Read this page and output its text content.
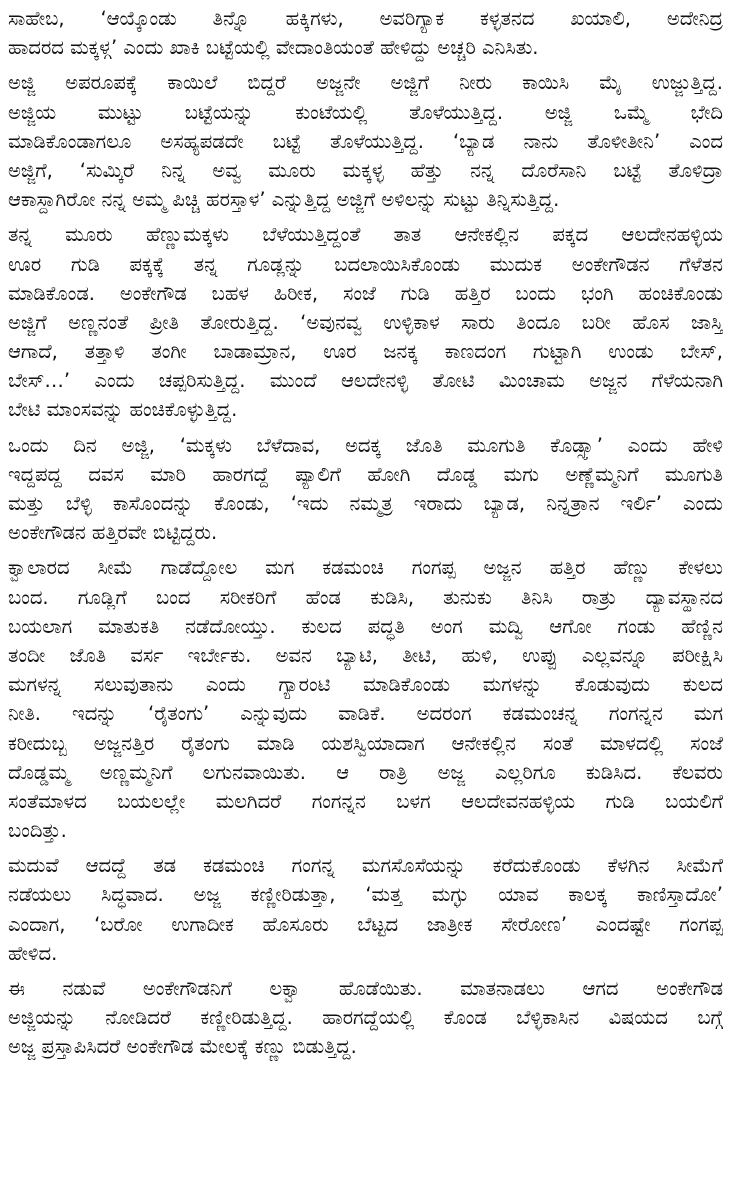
ಸಾಹೇಬ, ‘ಆಯ್ಕೊಂಡು ತಿನ್ನೊ ಹಕ್ಕಿಗಳು, ಅವರಿಗ್ಯಾಕ ಕಳ್ಳತನದ ಖಯಾಲಿ, ಅದೇನಿದ್ರ
ಹಾದರದ ಮಕ್ಕಳ್ಗ’ ಎಂದು ಖಾಕಿ ಬಟ್ಟೆಯಲ್ಲಿ ವೇದಾಂತಿಯಂತೆ ಹೇಳಿದ್ದು ಅಚ್ಚರಿ ಎನಿಸಿತು.
ಅಜ್ಜಿ ಅಪರೂಪಕ್ಕೆ ಕಾಯಿಲೆ ಬಿದ್ದರೆ ಅಜ್ಜನೇ ಅಜ್ಜಿಗೆ ನೀರು ಕಾಯಿಸಿ ಮೈ ಉಜ್ಜುತ್ತಿದ್ದ.
ಅಜ್ಜಿಯ ಮುಟ್ಟು ಬಟ್ಟೆಯನ್ನು ಕುಂಟೆಯಲ್ಲಿ ತೊಳೆಯುತ್ತಿದ್ದ. ಅಜ್ಜಿ ಒಮ್ಮೆ ಭೇದಿ
ಮಾಡಿಕೊಂಡಾಗಲೂ ಅಸಹ್ಯಪಡದೇ ಬಟ್ಟೆ ತೊಳೆಯುತ್ತಿದ್ದ. ‘ಬ್ಯಾಡ ನಾನು ತೊಳೀತೀನಿ’ ಎಂದ
ಅಜ್ಜಿಗೆ, ‘ಸುಮ್ಕಿರೆ ನಿನ್ನ ಅವ್ವ ಮೂರು ಮಕ್ಕಳ್ಳ ಹೆತ್ತು ನನ್ನ ದೊರೆಸಾನಿ ಬಟ್ಟೆ ತೊಳಿದ್ರಾ
ಆಕಾಸ್ದಾಗಿರೋ ನನ್ನ ಅಮ್ಮ ಪಿಚ್ಚಿ ಹರಸ್ತಾಳ’ ಎನ್ನುತ್ತಿದ್ದ ಅಜ್ಜಿಗೆ ಅಳಿಲನ್ನು ಸುಟ್ಟು ತಿನ್ನಿಸುತ್ತಿದ್ದ.
ತನ್ನ ಮೂರು ಹೆಣ್ಣುಮಕ್ಕಳು ಬೆಳೆಯುತ್ತಿದ್ದಂತೆ ತಾತ ಆನೇಕಲ್ಲಿನ ಪಕ್ಕದ ಆಲದೇನಹಳ್ಳಿಯ
ಊರ ಗುಡಿ ಪಕ್ಕಕ್ಕೆ ತನ್ನ ಗೂಡ್ಲನ್ನು ಬದಲಾಯಿಸಿಕೊಂಡು ಮುದುಕ ಅಂಕೇಗೌಡನ ಗೆಳೆತನ
ಮಾಡಿಕೊಂಡ. ಅಂಕೇಗೌಡ ಬಹಳ ಹಿರೀಕ, ಸಂಜೆ ಗುಡಿ ಹತ್ತಿರ ಬಂದು ಭಂಗಿ ಹಂಚಿಕೊಂಡು
ಅಜ್ಜಿಗೆ ಅಣ್ಣನಂತೆ ಪ್ರೀತಿ ತೋರುತ್ತಿದ್ದ. ‘ಅವುನವ್ವ ಉಳ್ಳಿಕಾಳ ಸಾರು ತಿಂದೂ ಬರೀ ಹೊಸ ಜಾಸ್ತಿ
ಆಗಾದೆ, ತತ್ತಾಳಿ ತಂಗೀ ಬಾಡಾಮ್ರಾನ, ಊರ ಜನಕ್ಕ ಕಾಣದಂಗ ಗುಟ್ಟಾಗಿ ಉಂಡು ಬೇಸ್,
ಬೇಸ್…’ ಎಂದು ಚಪ್ಪರಿಸುತ್ತಿದ್ದ. ಮುಂದೆ ಆಲದೇನಳ್ಳಿ ತೋಟಿ ಮಿಂಚಾಮ ಅಜ್ಜನ ಗೆಳೆಯನಾಗಿ
ಬೇಟಿ ಮಾಂಸವನ್ನು ಹಂಚಿಕೊಳ್ಳುತ್ತಿದ್ದ.
ಒಂದು ದಿನ ಅಜ್ಜಿ, ‘ಮಕ್ಕಳು ಬೆಳೆದಾವ, ಅದಕ್ಕ ಜೊತಿ ಮೂಗುತಿ ಕೊಡ್ಸ್ಯಾ’ ಎಂದು ಹೇಳಿ
ಇದ್ದಪದ್ದ ದವಸ ಮಾರಿ ಹಾರಗದ್ದೆ ಪ್ಯಾಲಿಗೆ ಹೋಗಿ ದೊಡ್ಡ ಮಗು ಅಣ್ಣೆಮ್ಮನಿಗೆ ಮೂಗುತಿ
ಮತ್ತು ಬೆಳ್ಳಿ ಕಾಸೊಂದನ್ನು ಕೊಂಡು, ‘ಇದು ನಮ್ಮತ್ರ ಇರಾದು ಬ್ಯಾಡ, ನಿನ್ನತ್ರಾನ ಇರ್ಲಿ’ ಎಂದು
ಅಂಕೇಗೌಡನ ಹತ್ತಿರವೇ ಬಿಟ್ಟಿದ್ದರು.
ಕ್ವಾಲಾರದ ಸೀಮೆ ಗಾಡೆದ್ದೋಲ ಮಗ ಕಡಮಂಚಿ ಗಂಗಪ್ಪ ಅಜ್ಜನ ಹತ್ತಿರ ಹೆಣ್ಣು ಕೇಳಲು
ಬಂದ. ಗೂಡ್ಲಿಗೆ ಬಂದ ಸರೀಕರಿಗೆ ಹೆಂಡ ಕುಡಿಸಿ, ತುನುಕು ತಿನಿಸಿ ರಾತ್ರು ದ್ಯಾವಸ್ಥಾನದ
ಬಯಲಾಗ ಮಾತುಕತಿ ನಡೆದೋಯ್ತು. ಕುಲದ ಪದ್ಧತಿ ಅಂಗ ಮದ್ವಿ ಆಗೋ ಗಂಡು ಹೆಣ್ಣಿನ
ತಂದೀ ಜೊತಿ ವರ್ಸ ಇರ್ಬೇಕು. ಅವನ ಬ್ಯಾಟಿ, ತೀಟಿ, ಹುಳಿ, ಉಪ್ಪು ಎಲ್ಲವನ್ನೂ ಪರೀಕ್ಷಿಸಿ
ಮಗಳನ್ನ ಸಲುವುತಾನು ಎಂದು ಗ್ಯಾರಂಟಿ ಮಾಡಿಕೊಂಡು ಮಗಳನ್ನು ಕೊಡುವುದು ಕುಲದ
ನೀತಿ. ಇದನ್ನು ‘ರೈತಂಗು’ ಎನ್ನುವುದು ವಾಡಿಕೆ. ಅದರಂಗ ಕಡಮಂಚನ್ನ ಗಂಗನ್ನನ ಮಗ
ಕರೀದುಬ್ಬ ಅಜ್ಜನತ್ತಿರ ರೈತಂಗು ಮಾಡಿ ಯಶಸ್ವಿಯಾದಾಗ ಆನೇಕಲ್ಲಿನ ಸಂತೆ ಮಾಳದಲ್ಲಿ ಸಂಜೆ
ದೊಡ್ಡಮ್ಮ ಅಣ್ಣಮ್ಮನಿಗೆ ಲಗುನವಾಯಿತು. ಆ ರಾತ್ರಿ ಅಜ್ಜ ಎಲ್ಲರಿಗೂ ಕುಡಿಸಿದ. ಕೆಲವರು
ಸಂತೆಮಾಳದ ಬಯಲಲ್ಲೇ ಮಲಗಿದರೆ ಗಂಗನ್ನನ ಬಳಗ ಆಲದೇವನಹಳ್ಳಿಯ ಗುಡಿ ಬಯಲಿಗೆ
ಬಂದಿತ್ತು.
ಮದುವೆ ಆದದ್ದೆ ತಡ ಕಡಮಂಚಿ ಗಂಗನ್ನ ಮಗಸೊಸೆಯನ್ನು ಕರೆದುಕೊಂಡು ಕೆಳಗಿನ ಸೀಮೆಗೆ
ನಡೆಯಲು ಸಿದ್ಧವಾದ. ಅಜ್ಜ ಕಣ್ಣೀರಿಡುತ್ತಾ, ‘ಮತ್ತ ಮಗ್ಳು ಯಾವ ಕಾಲಕ್ಕ ಕಾಣಿಸ್ತಾದೋ’
ಎಂದಾಗ, ‘ಬರೋ ಉಗಾದೀಕ ಹೊಸೂರು ಬೆಟ್ಟದ ಜಾತ್ರೀಕ ಸೇರೋಣ’ ಎಂದಷ್ಟೇ ಗಂಗಪ್ಪ
ಹೇಳಿದ.
ಈ ನಡುವೆ ಅಂಕೇಗೌಡನಿಗೆ ಲಕ್ವಾ ಹೊಡೆಯಿತು. ಮಾತನಾಡಲು ಆಗದ ಅಂಕೇಗೌಡ
ಅಜ್ಜಿಯನ್ನು ನೋಡಿದರೆ ಕಣ್ಣೀರಿಡುತ್ತಿದ್ದ. ಹಾರಗದ್ದೆಯಲ್ಲಿ ಕೊಂಡ ಬೆಳ್ಳಿಕಾಸಿನ ವಿಷಯದ ಬಗ್ಗೆ
ಅಜ್ಜ ಪ್ರಸ್ತಾಪಿಸಿದರೆ ಅಂಕೇಗೌಡ ಮೇಲಕ್ಕೆ ಕಣ್ಣು ಬಿಡುತ್ತಿದ್ದ.
